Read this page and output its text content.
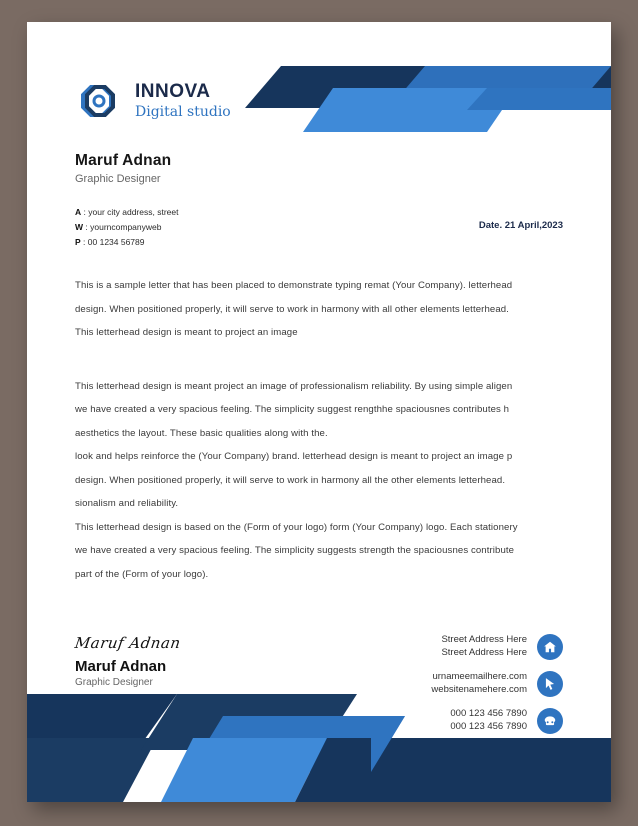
INNOVA
Digital studio
Maruf Adnan
Graphic Designer
A : your city address, street
W : yourncompanyweb
P : 00 1234 56789
Date. 21 April,2023

This is a sample letter that has been placed to demonstrate typing remat (Your Company). letterhead

design. When positioned properly, it will serve to work in harmony with all other elements letterhead.

This letterhead design is meant to project an image

This letterhead design is meant project an image of professionalism reliability. By using simple aligen

we have created a very spacious feeling. The simplicity suggest rengthhe spaciousnes contributes h

aesthetics the layout. These basic qualities along with the.

look and helps reinforce the (Your Company) brand. letterhead design is meant to project an image p

design. When positioned properly, it will serve to work in harmony all the other elements letterhead.

sionalism and reliability.

This letterhead design is based on the (Form of your logo) form (Your Company) logo. Each stationery

we have created a very spacious feeling. The simplicity suggests strength the spaciousnes contribute

part of the (Form of your logo).

Maruf Adnan
Maruf Adnan
Graphic Designer
Street Address Here
Street Address Here
urnameemailhere.com
websitenamehere.com
000 123 456 7890
000 123 456 7890
